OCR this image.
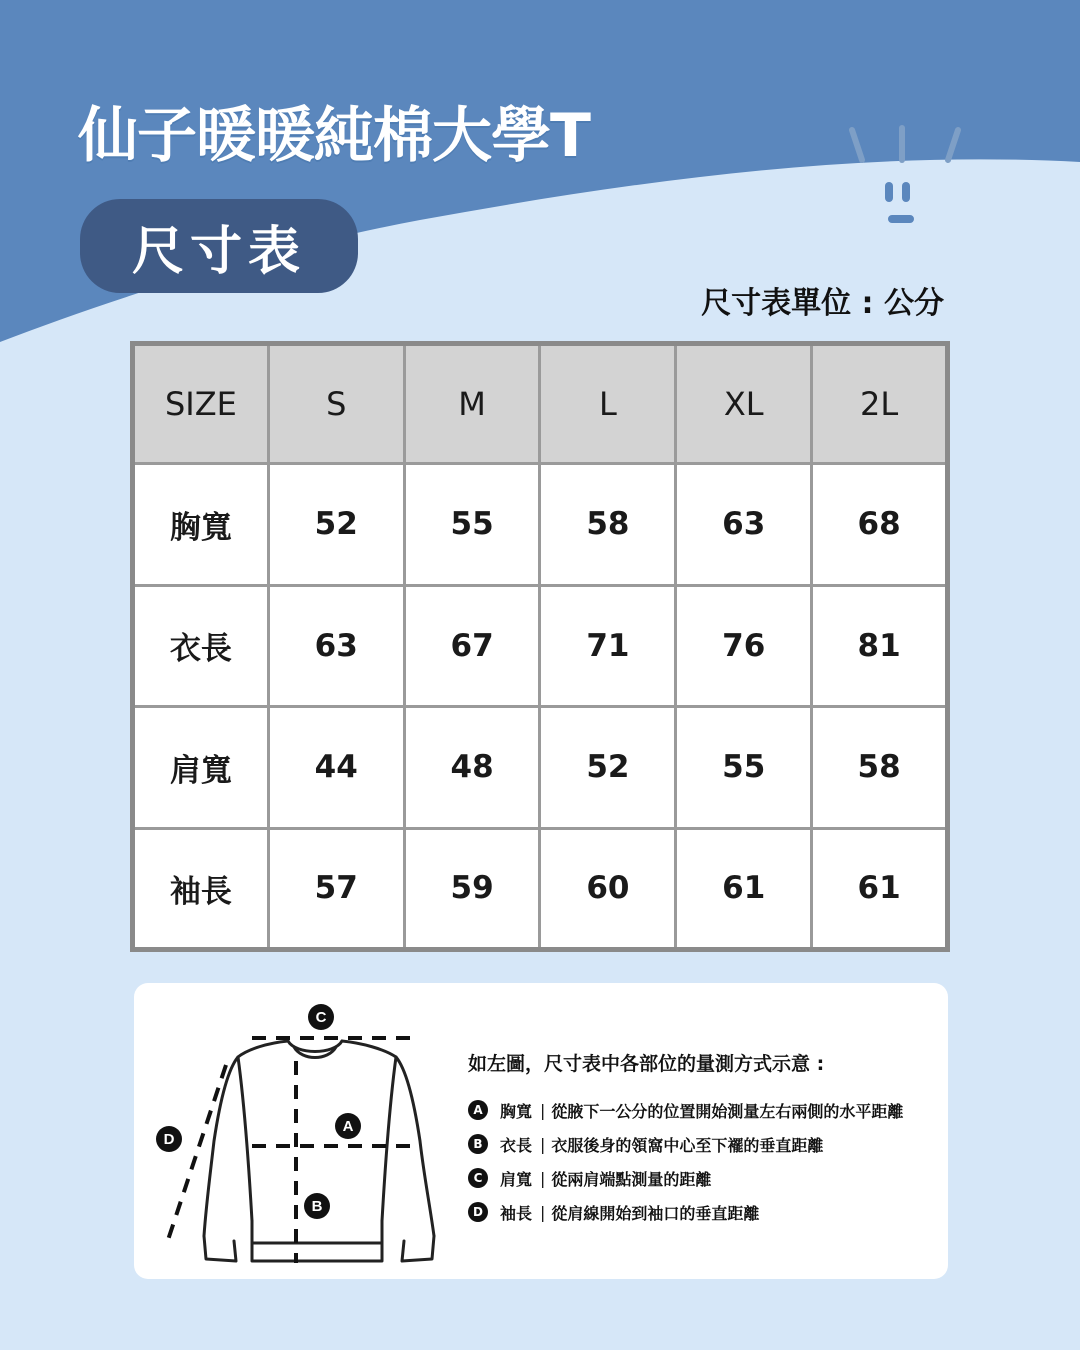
仙子暖暖純棉大學T
尺寸表
尺寸表單位 : 公分
SIZE	S	M	L	XL	2L
胸寬	52	55	58	63	68
衣長	63	67	71	76	81
肩寬	44	48	52	55	58
袖長	57	59	60	61	61
C
A
B
D
如左圖，尺寸表中各部位的量測方式示意 :
A	胸寬 | 從腋下一公分的位置開始測量左右兩側的水平距離
B	衣長 | 衣服後身的領窩中心至下襬的垂直距離
C	肩寬 | 從兩肩端點測量的距離
D	袖長 | 從肩線開始到袖口的垂直距離
